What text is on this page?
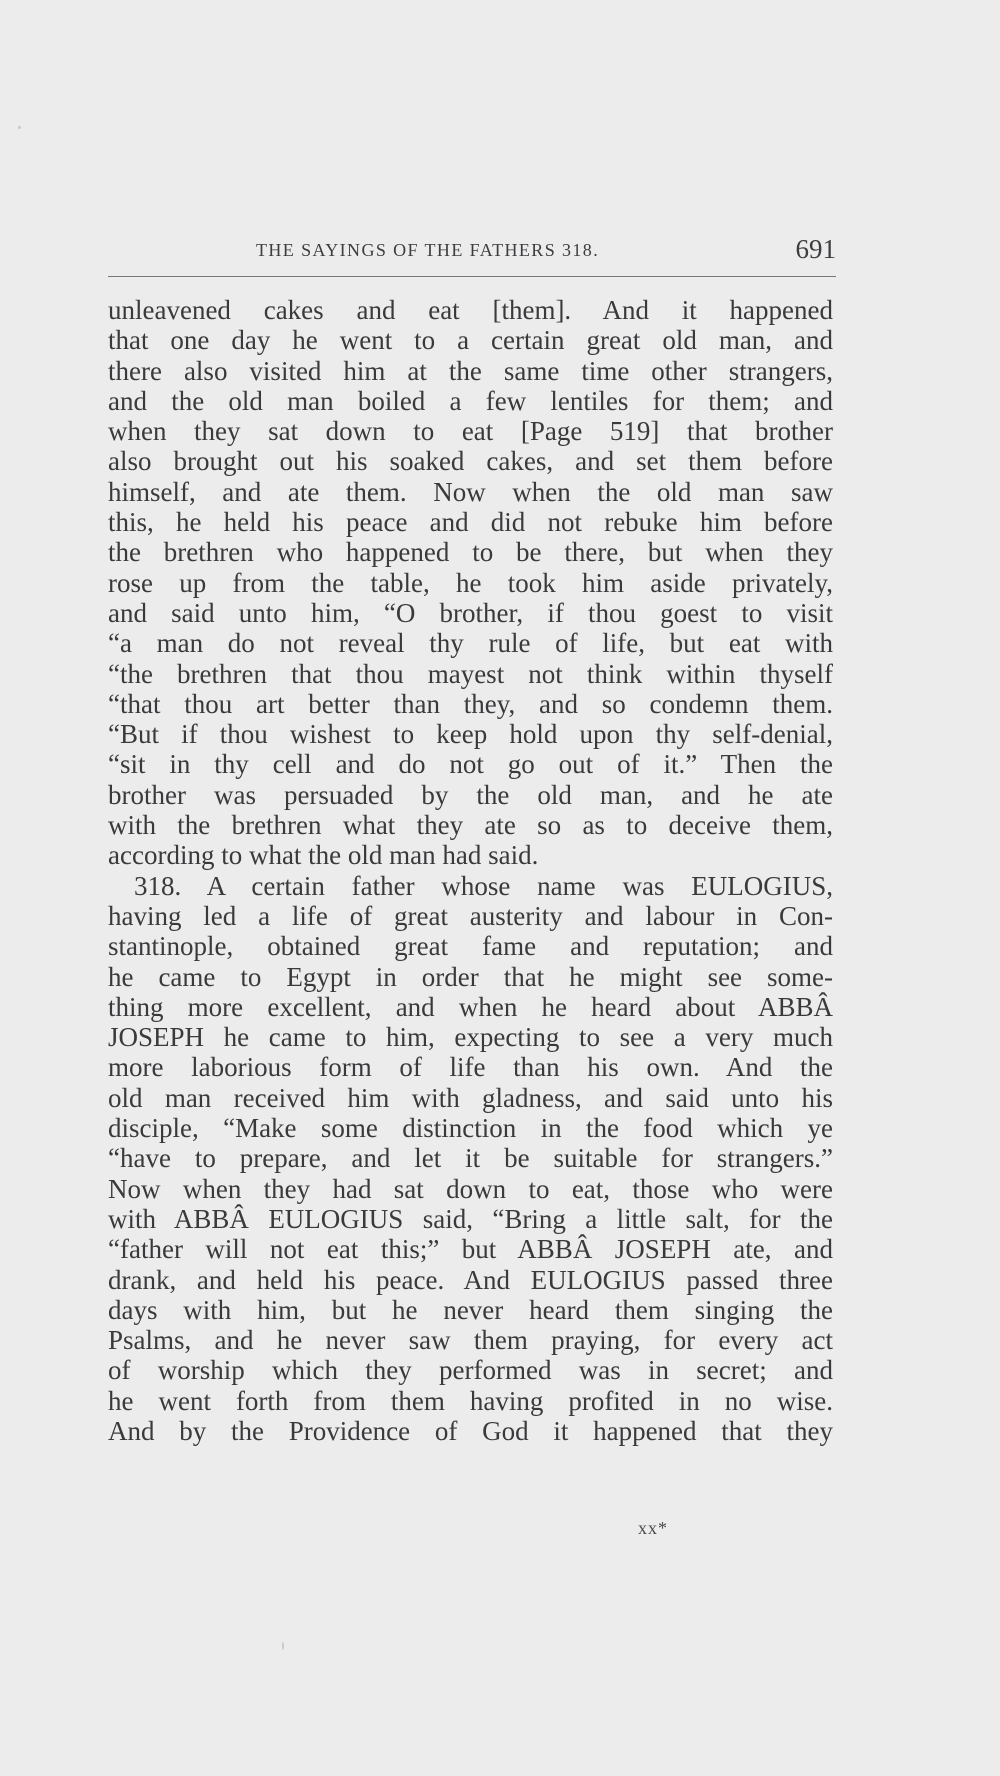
THE SAYINGS OF THE FATHERS 318.	691
unleavened cakes and eat [them]. And it happened
that one day he went to a certain great old man, and
there also visited him at the same time other strangers,
and the old man boiled a few lentiles for them; and
when they sat down to eat [Page 519] that brother
also brought out his soaked cakes, and set them before
himself, and ate them. Now when the old man saw
this, he held his peace and did not rebuke him before
the brethren who happened to be there, but when they
rose up from the table, he took him aside privately,
and said unto him, “O brother, if thou goest to visit
“a man do not reveal thy rule of life, but eat with
“the brethren that thou mayest not think within thyself
“that thou art better than they, and so condemn them.
“But if thou wishest to keep hold upon thy self-denial,
“sit in thy cell and do not go out of it.” Then the
brother was persuaded by the old man, and he ate
with the brethren what they ate so as to deceive them,
according to what the old man had said.
318. A certain father whose name was EULOGIUS,
having led a life of great austerity and labour in Con-
stantinople, obtained great fame and reputation; and
he came to Egypt in order that he might see some-
thing more excellent, and when he heard about ABBÂ
JOSEPH he came to him, expecting to see a very much
more laborious form of life than his own. And the
old man received him with gladness, and said unto his
disciple, “Make some distinction in the food which ye
“have to prepare, and let it be suitable for strangers.”
Now when they had sat down to eat, those who were
with ABBÂ EULOGIUS said, “Bring a little salt, for the
“father will not eat this;” but ABBÂ JOSEPH ate, and
drank, and held his peace. And EULOGIUS passed three
days with him, but he never heard them singing the
Psalms, and he never saw them praying, for every act
of worship which they performed was in secret; and
he went forth from them having profited in no wise.
And by the Providence of God it happened that they
xx*
